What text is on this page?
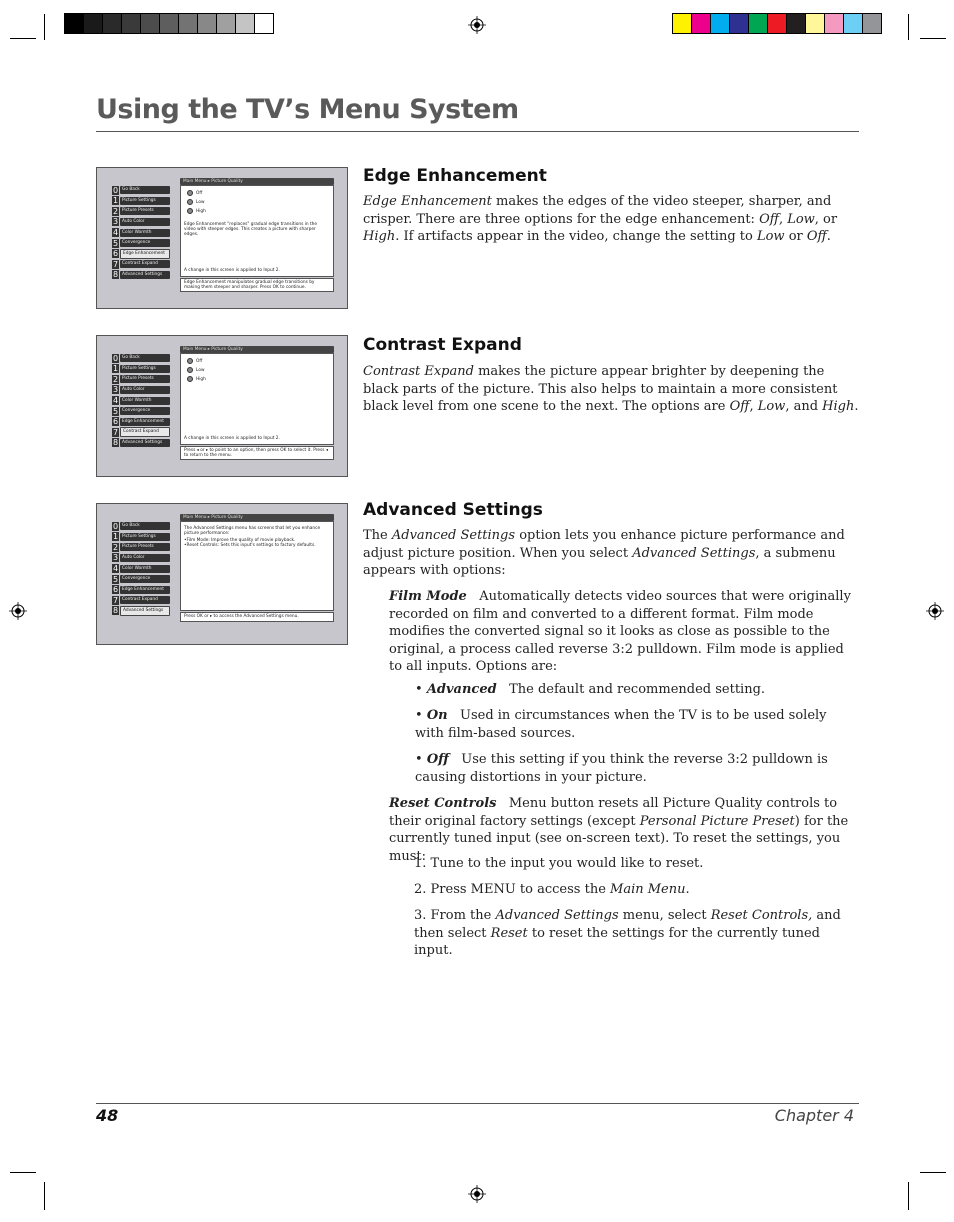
Using the TV’s Menu System
0 Go Back
1 Picture Settings
2 Picture Presets
3 Auto Color
4 Color Warmth
5 Convergence
6	Edge Enhancement
7 Contrast Expand
8 Advanced Settings
Main Menu ▸ Picture Quality
Off
Low
High
Edge Enhancement "replaces" gradual edge transitions in the video with steeper edges. This creates a picture with sharper edges.
A change in this screen is applied to Input 2.
Edge Enhancement manipulates gradual edge transitions by making them steeper and sharper. Press OK to continue.
0 Go Back
1 Picture Settings
2 Picture Presets
3 Auto Color
4 Color Warmth
5 Convergence
6 Edge Enhancement
7	Contrast Expand
8 Advanced Settings
Main Menu ▸ Picture Quality
Off
Low
High
A change in this screen is applied to Input 2.
Press ◂ or ▸ to point to an option, then press OK to select it. Press ◂ to return to the menu.
0 Go Back
1 Picture Settings
2 Picture Presets
3 Auto Color
4 Color Warmth
5 Convergence
6 Edge Enhancement
7 Contrast Expand
8	Advanced Settings
Main Menu ▸ Picture Quality
The Advanced Settings menu has screens that let you enhance picture performance:
•Film Mode: Improve the quality of movie playback.
•Reset Controls: Sets this input's settings to factory defaults.
Press OK or ▸ to access the Advanced Settings menu.
Edge Enhancement
Edge Enhancement makes the edges of the video steeper, sharper, and crisper. There are three options for the edge enhancement: Off, Low, or High. If artifacts appear in the video, change the setting to Low or Off.
Contrast Expand
Contrast Expand makes the picture appear brighter by deepening the black parts of the picture. This also helps to maintain a more consistent black level from one scene to the next. The options are Off, Low, and High.
Advanced Settings
The Advanced Settings option lets you enhance picture performance and adjust picture position. When you select Advanced Settings, a submenu appears with options:
Film Mode Automatically detects video sources that were originally recorded on film and converted to a different format. Film mode modifies the converted signal so it looks as close as possible to the original, a process called reverse 3:2 pulldown. Film mode is applied to all inputs. Options are:
• Advanced The default and recommended setting.
• On Used in circumstances when the TV is to be used solely with film-based sources.
• Off Use this setting if you think the reverse 3:2 pulldown is causing distortions in your picture.
Reset Controls Menu button resets all Picture Quality controls to their original factory settings (except Personal Picture Preset) for the currently tuned input (see on-screen text). To reset the settings, you must:
1. Tune to the input you would like to reset.
2. Press MENU to access the Main Menu.
3. From the Advanced Settings menu, select Reset Controls, and then select Reset to reset the settings for the currently tuned input.
48	Chapter 4
